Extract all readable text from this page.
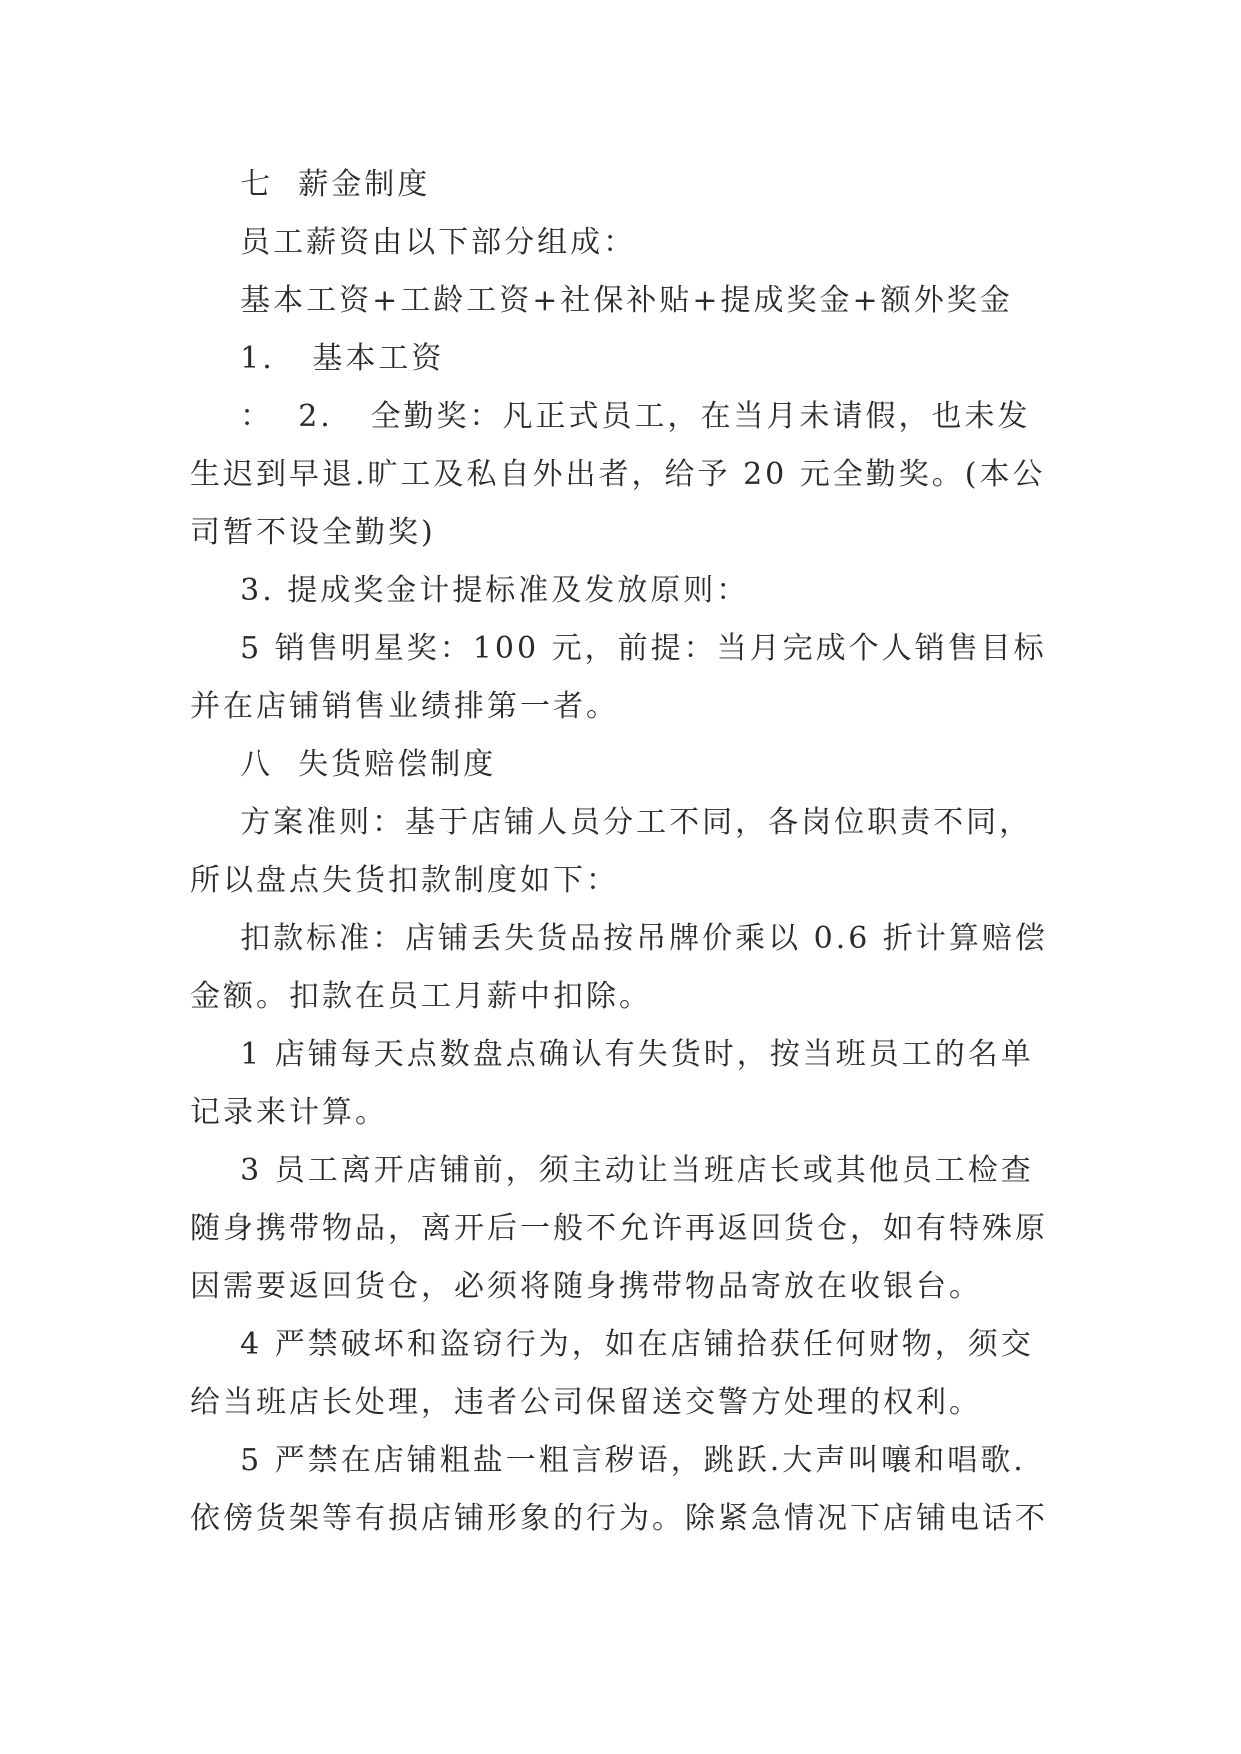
七  薪金制度
员工薪资由以下部分组成：
基本工资+工龄工资+社保补贴+提成奖金+额外奖金
1.   基本工资
：  2.   全勤奖：凡正式员工，在当月未请假，也未发
生迟到早退.旷工及私自外出者，给予 20 元全勤奖。(本公
司暂不设全勤奖)
3. 提成奖金计提标准及发放原则：
5 销售明星奖：100 元，前提：当月完成个人销售目标
并在店铺销售业绩排第一者。
八  失货赔偿制度
方案准则：基于店铺人员分工不同，各岗位职责不同，
所以盘点失货扣款制度如下：
扣款标准：店铺丢失货品按吊牌价乘以 0.6 折计算赔偿
金额。扣款在员工月薪中扣除。
1 店铺每天点数盘点确认有失货时，按当班员工的名单
记录来计算。
3 员工离开店铺前，须主动让当班店长或其他员工检查
随身携带物品，离开后一般不允许再返回货仓，如有特殊原
因需要返回货仓，必须将随身携带物品寄放在收银台。
4 严禁破坏和盗窃行为，如在店铺拾获任何财物，须交
给当班店长处理，违者公司保留送交警方处理的权利。
5 严禁在店铺粗盐一粗言秽语，跳跃.大声叫嚷和唱歌.
依傍货架等有损店铺形象的行为。除紧急情况下店铺电话不
